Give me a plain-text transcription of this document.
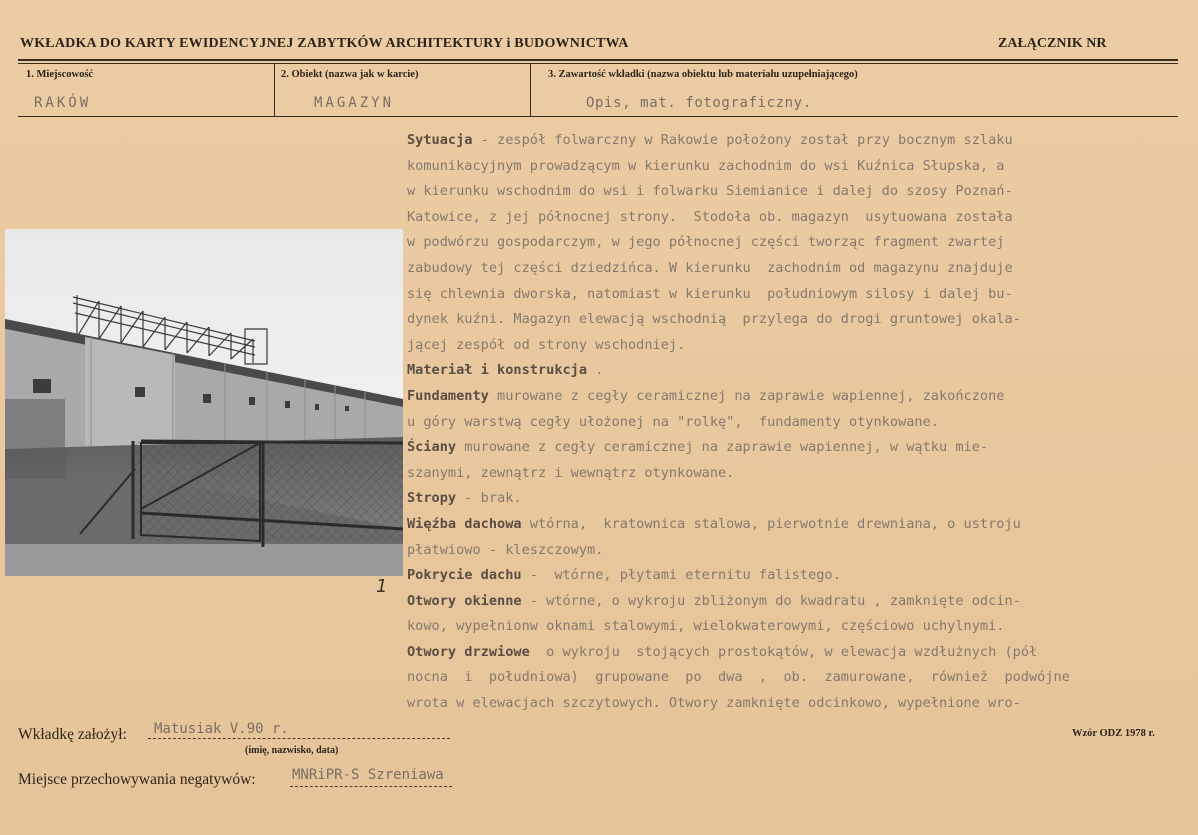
WKŁADKA DO KARTY EWIDENCYJNEJ ZABYTKÓW ARCHITEKTURY i BUDOWNICTWA	ZAŁĄCZNIK NR
1. Miejscowość	2. Obiekt (nazwa jak w karcie)	3. Zawartość wkładki (nazwa obiektu lub materiału uzupełniającego)
RAKÓW	MAGAZYN	Opis, mat. fotograficzny.
1
Sytuacja - zespół folwarczny w Rakowie położony został przy bocznym szlaku
komunikacyjnym prowadzącym w kierunku zachodnim do wsi Kuźnica Słupska, a
w kierunku wschodnim do wsi i folwarku Siemianice i dalej do szosy Poznań-
Katowice, z jej północnej strony.  Stodoła ob. magazyn  usytuowana została
w podwórzu gospodarczym, w jego północnej części tworząc fragment zwartej
zabudowy tej części dziedzińca. W kierunku  zachodnim od magazynu znajduje
się chlewnia dworska, natomiast w kierunku  południowym silosy i dalej bu-
dynek kuźni. Magazyn elewacją wschodnią  przylega do drogi gruntowej okala-
jącej zespół od strony wschodniej.
Materiał i konstrukcja .
Fundamenty murowane z cegły ceramicznej na zaprawie wapiennej, zakończone
u góry warstwą cegły ułożonej na "rolkę",  fundamenty otynkowane.
Ściany murowane z cegły ceramicznej na zaprawie wapiennej, w wątku mie-
szanymi, zewnątrz i wewnątrz otynkowane.
Stropy - brak.
Więźba dachowa wtórna,  kratownica stalowa, pierwotnie drewniana, o ustroju
płatwiowo - kleszczowym.
Pokrycie dachu -  wtórne, płytami eternitu falistego.
Otwory okienne - wtórne, o wykroju zbliżonym do kwadratu , zamknięte odcin-
kowo, wypełnionw oknami stalowymi, wielokwaterowymi, częściowo uchylnymi.
Otwory drzwiowe  o wykroju  stojących prostokątów, w elewacja wzdłużnych (pół
nocna  i  południowa)  grupowane  po  dwa  ,  ob.  zamurowane,  również  podwójne
wrota w elewacjach szczytowych. Otwory zamknięte odcinkowo, wypełnione wro-
Wkładkę założył: Matusiak V.90 r.
(imię, nazwisko, data)
Miejsce przechowywania negatywów:	MNRiPR-S Szreniawa
Wzór ODZ 1978 r.
